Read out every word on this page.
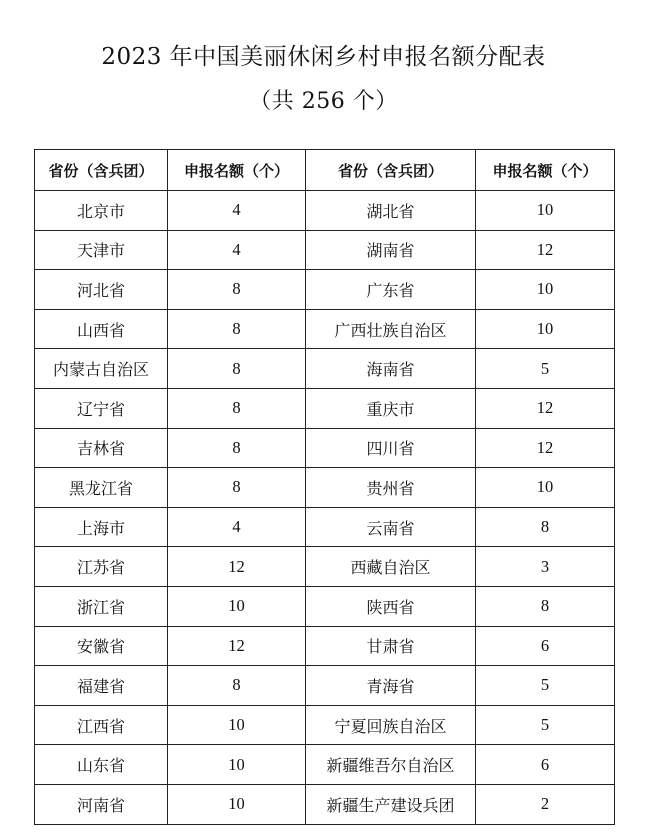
2023 年中国美丽休闲乡村申报名额分配表
（共 256 个）
省份（含兵团）	申报名额（个）	省份（含兵团）	申报名额（个）
北京市	4	湖北省	10
天津市	4	湖南省	12
河北省	8	广东省	10
山西省	8	广西壮族自治区	10
内蒙古自治区	8	海南省	5
辽宁省	8	重庆市	12
吉林省	8	四川省	12
黑龙江省	8	贵州省	10
上海市	4	云南省	8
江苏省	12	西藏自治区	3
浙江省	10	陕西省	8
安徽省	12	甘肃省	6
福建省	8	青海省	5
江西省	10	宁夏回族自治区	5
山东省	10	新疆维吾尔自治区	6
河南省	10	新疆生产建设兵团	2
